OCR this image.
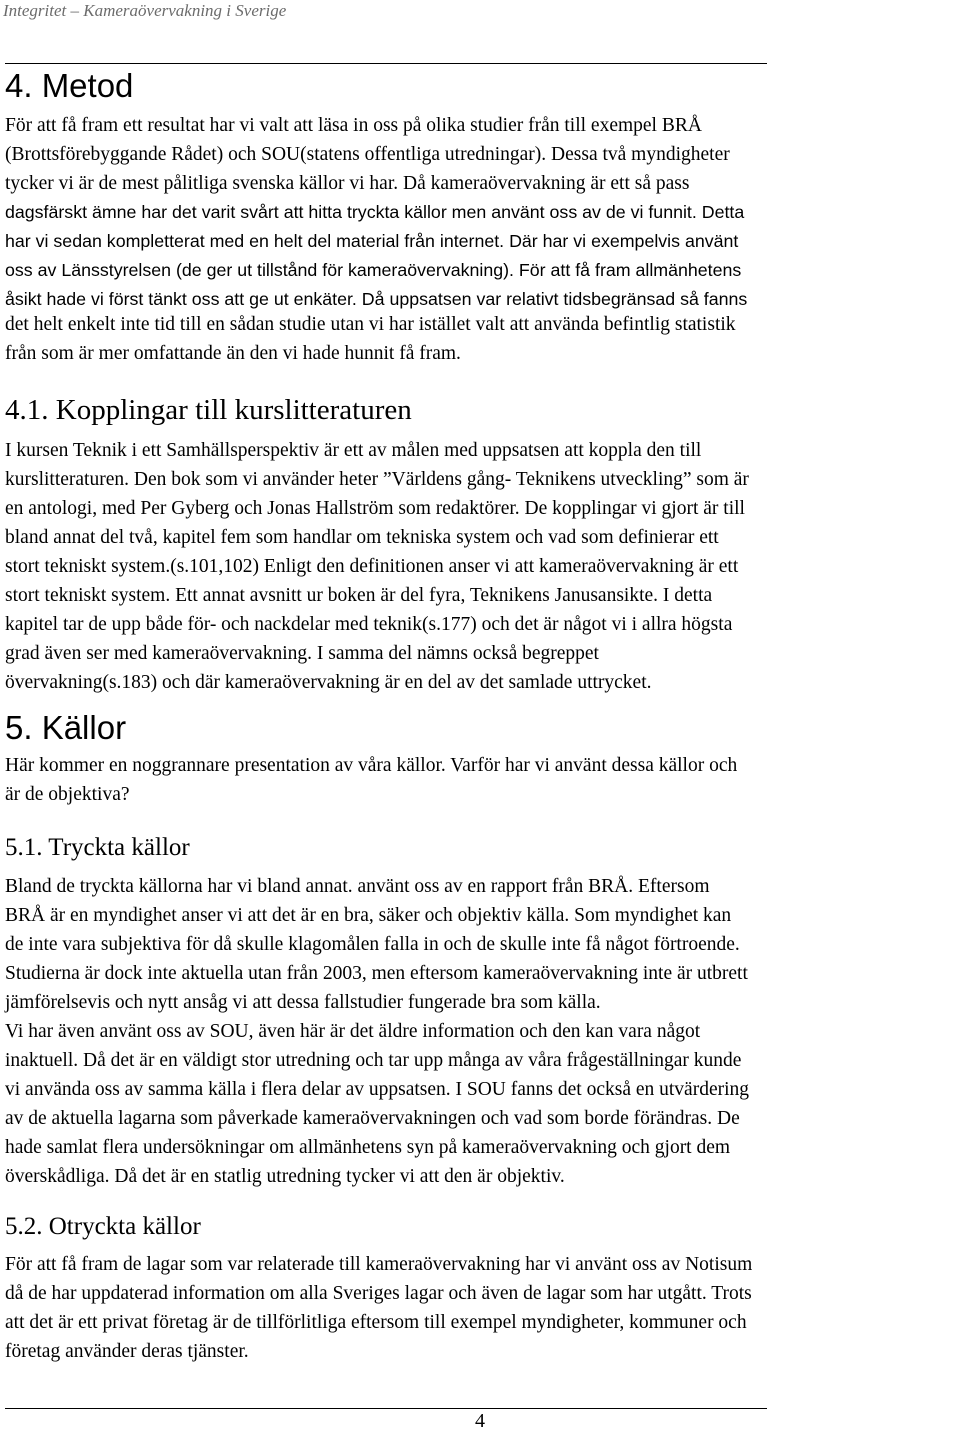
Integritet – Kameraövervakning i Sverige

4. Metod
För att få fram ett resultat har vi valt att läsa in oss på olika studier från till exempel BRÅ
(Brottsförebyggande Rådet) och SOU(statens offentliga utredningar). Dessa två myndigheter
tycker vi är de mest pålitliga svenska källor vi har. Då kameraövervakning är ett så pass
dagsfärskt ämne har det varit svårt att hitta tryckta källor men använt oss av de vi funnit. Detta
har vi sedan kompletterat med en helt del material från internet. Där har vi exempelvis använt
oss av Länsstyrelsen (de ger ut tillstånd för kameraövervakning). För att få fram allmänhetens
åsikt hade vi först tänkt oss att ge ut enkäter. Då uppsatsen var relativt tidsbegränsad så fanns
det helt enkelt inte tid till en sådan studie utan vi har istället valt att använda befintlig statistik
från som är mer omfattande än den vi hade hunnit få fram.
4.1. Kopplingar till kurslitteraturen
I kursen Teknik i ett Samhällsperspektiv är ett av målen med uppsatsen att koppla den till
kurslitteraturen. Den bok som vi använder heter ”Världens gång- Teknikens utveckling” som är
en antologi, med Per Gyberg och Jonas Hallström som redaktörer. De kopplingar vi gjort är till
bland annat del två, kapitel fem som handlar om tekniska system och vad som definierar ett
stort tekniskt system.(s.101,102) Enligt den definitionen anser vi att kameraövervakning är ett
stort tekniskt system. Ett annat avsnitt ur boken är del fyra, Teknikens Janusansikte. I detta
kapitel tar de upp både för- och nackdelar med teknik(s.177) och det är något vi i allra högsta
grad även ser med kameraövervakning. I samma del nämns också begreppet
övervakning(s.183) och där kameraövervakning är en del av det samlade uttrycket.
5. Källor
Här kommer en noggrannare presentation av våra källor. Varför har vi använt dessa källor och
är de objektiva?
5.1. Tryckta källor
Bland de tryckta källorna har vi bland annat. använt oss av en rapport från BRÅ. Eftersom
BRÅ är en myndighet anser vi att det är en bra, säker och objektiv källa. Som myndighet kan
de inte vara subjektiva för då skulle klagomålen falla in och de skulle inte få något förtroende.
Studierna är dock inte aktuella utan från 2003, men eftersom kameraövervakning inte är utbrett
jämförelsevis och nytt ansåg vi att dessa fallstudier fungerade bra som källa.
Vi har även använt oss av SOU, även här är det äldre information och den kan vara något
inaktuell. Då det är en väldigt stor utredning och tar upp många av våra frågeställningar kunde
vi använda oss av samma källa i flera delar av uppsatsen. I SOU fanns det också en utvärdering
av de aktuella lagarna som påverkade kameraövervakningen och vad som borde förändras. De
hade samlat flera undersökningar om allmänhetens syn på kameraövervakning och gjort dem
överskådliga. Då det är en statlig utredning tycker vi att den är objektiv.
5.2. Otryckta källor
För att få fram de lagar som var relaterade till kameraövervakning har vi använt oss av Notisum
då de har uppdaterad information om alla Sveriges lagar och även de lagar som har utgått. Trots
att det är ett privat företag är de tillförlitliga eftersom till exempel myndigheter, kommuner och
företag använder deras tjänster.

4
